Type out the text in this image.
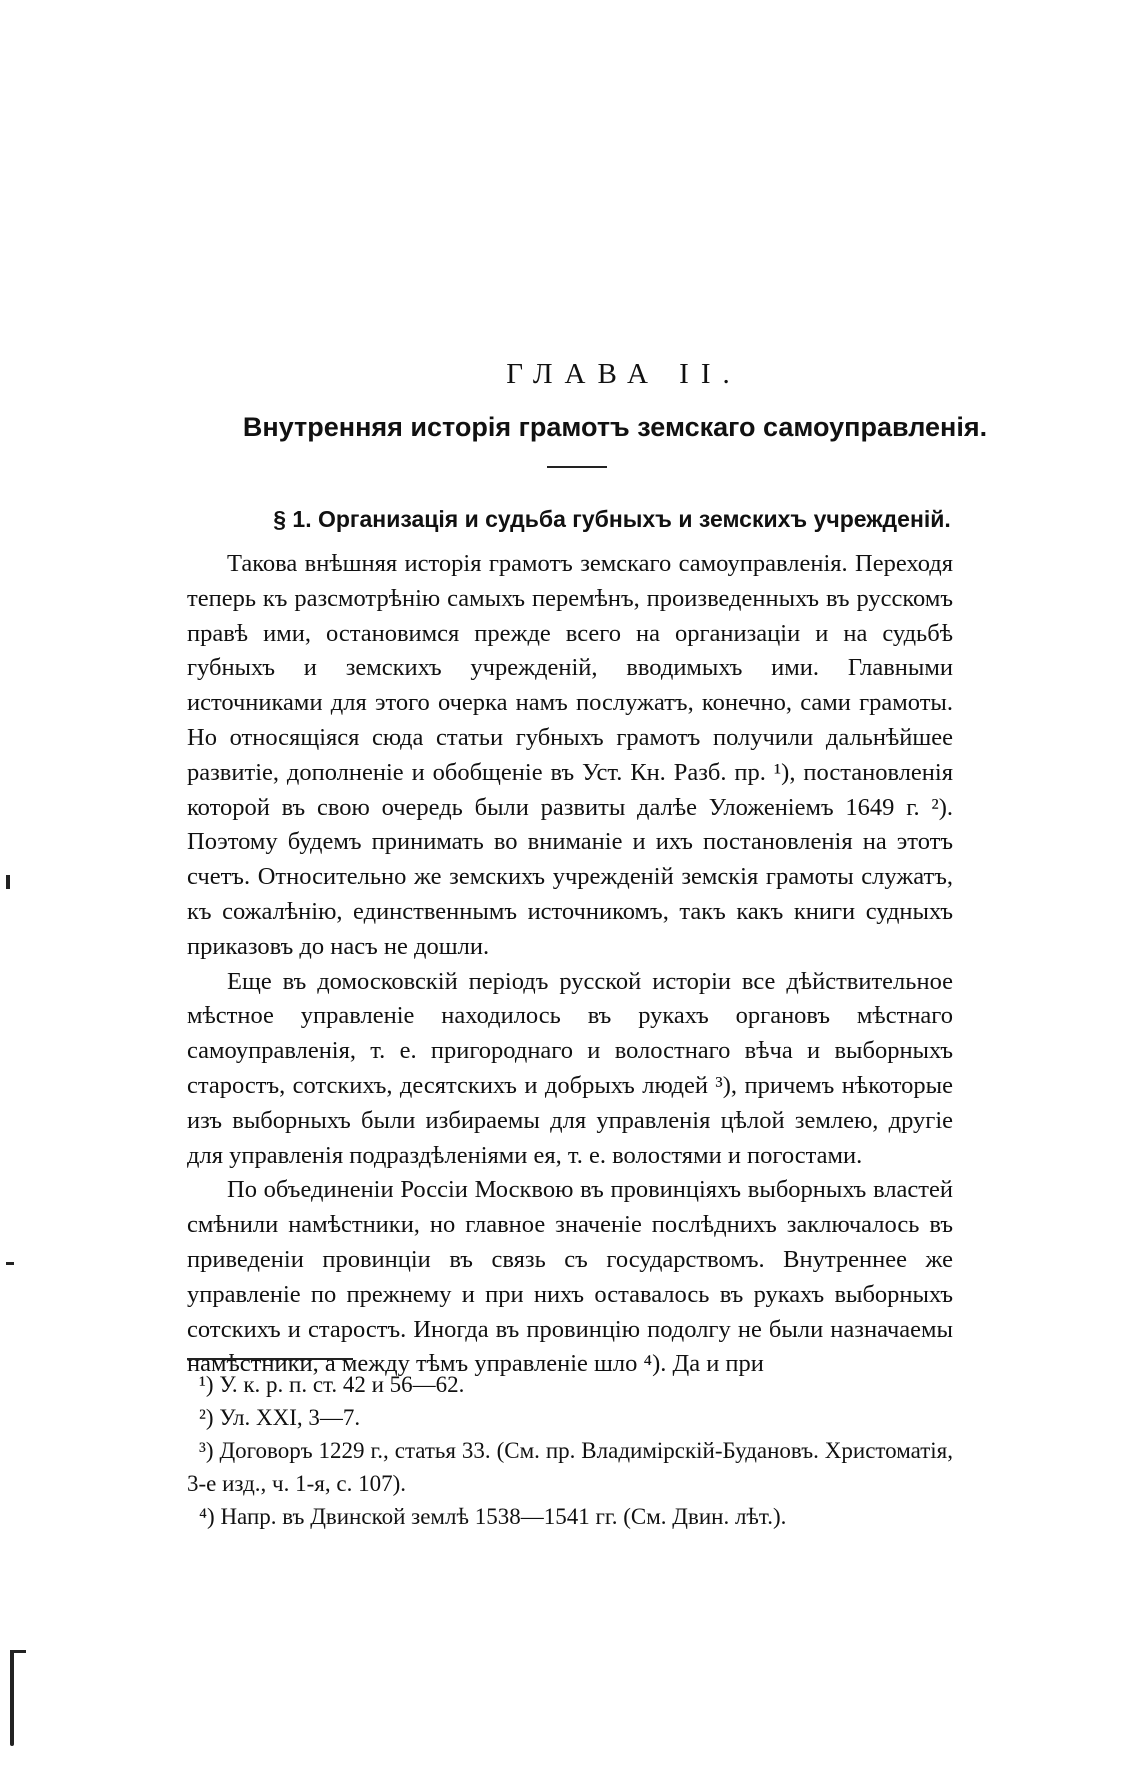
ГЛАВА II.
Внутренняя исторія грамотъ земскаго самоуправленія.
§ 1. Организація и судьба губныхъ и земскихъ учрежденій.

Такова внѣшняя исторія грамотъ земскаго самоуправленія. Переходя теперь къ разсмотрѣнію самыхъ перемѣнъ, произведенныхъ въ русскомъ правѣ ими, остановимся прежде всего на организаціи и на судьбѣ губныхъ и земскихъ учрежденій, вводимыхъ ими. Главными источниками для этого очерка намъ послужатъ, конечно, сами грамоты. Но относящіяся сюда статьи губныхъ грамотъ получили дальнѣйшее развитіе, дополненіе и обобщеніе въ Уст. Кн. Разб. пр. ¹), постановленія которой въ свою очередь были развиты далѣе Уложеніемъ 1649 г. ²). Поэтому будемъ принимать во вниманіе и ихъ постановленія на этотъ счетъ. Относительно же земскихъ учрежденій земскія грамоты служатъ, къ сожалѣнію, единственнымъ источникомъ, такъ какъ книги судныхъ приказовъ до насъ не дошли.

Еще въ домосковскій періодъ русской исторіи все дѣйствительное мѣстное управленіе находилось въ рукахъ органовъ мѣстнаго самоуправленія, т. е. пригороднаго и волостнаго вѣча и выборныхъ старостъ, сотскихъ, десятскихъ и добрыхъ людей ³), причемъ нѣкоторые изъ выборныхъ были избираемы для управленія цѣлой землею, другіе для управленія подраздѣленіями ея, т. е. волостями и погостами.

По объединеніи Россіи Москвою въ провинціяхъ выборныхъ властей смѣнили намѣстники, но главное значеніе послѣднихъ заключалось въ приведеніи провинціи въ связь съ государствомъ. Внутреннее же управленіе по прежнему и при нихъ оставалось въ рукахъ выборныхъ сотскихъ и старостъ. Иногда въ провинцію подолгу не были назначаемы намѣстники, а между тѣмъ управленіе шло ⁴). Да и при

¹) У. к. р. п. ст. 42 и 56—62.

²) Ул. XXI, 3—7.

³) Договоръ 1229 г., статья 33. (См. пр. Владимірскій-Будановъ. Христоматія, 3-е изд., ч. 1-я, с. 107).

⁴) Напр. въ Двинской землѣ 1538—1541 гг. (См. Двин. лѣт.).
